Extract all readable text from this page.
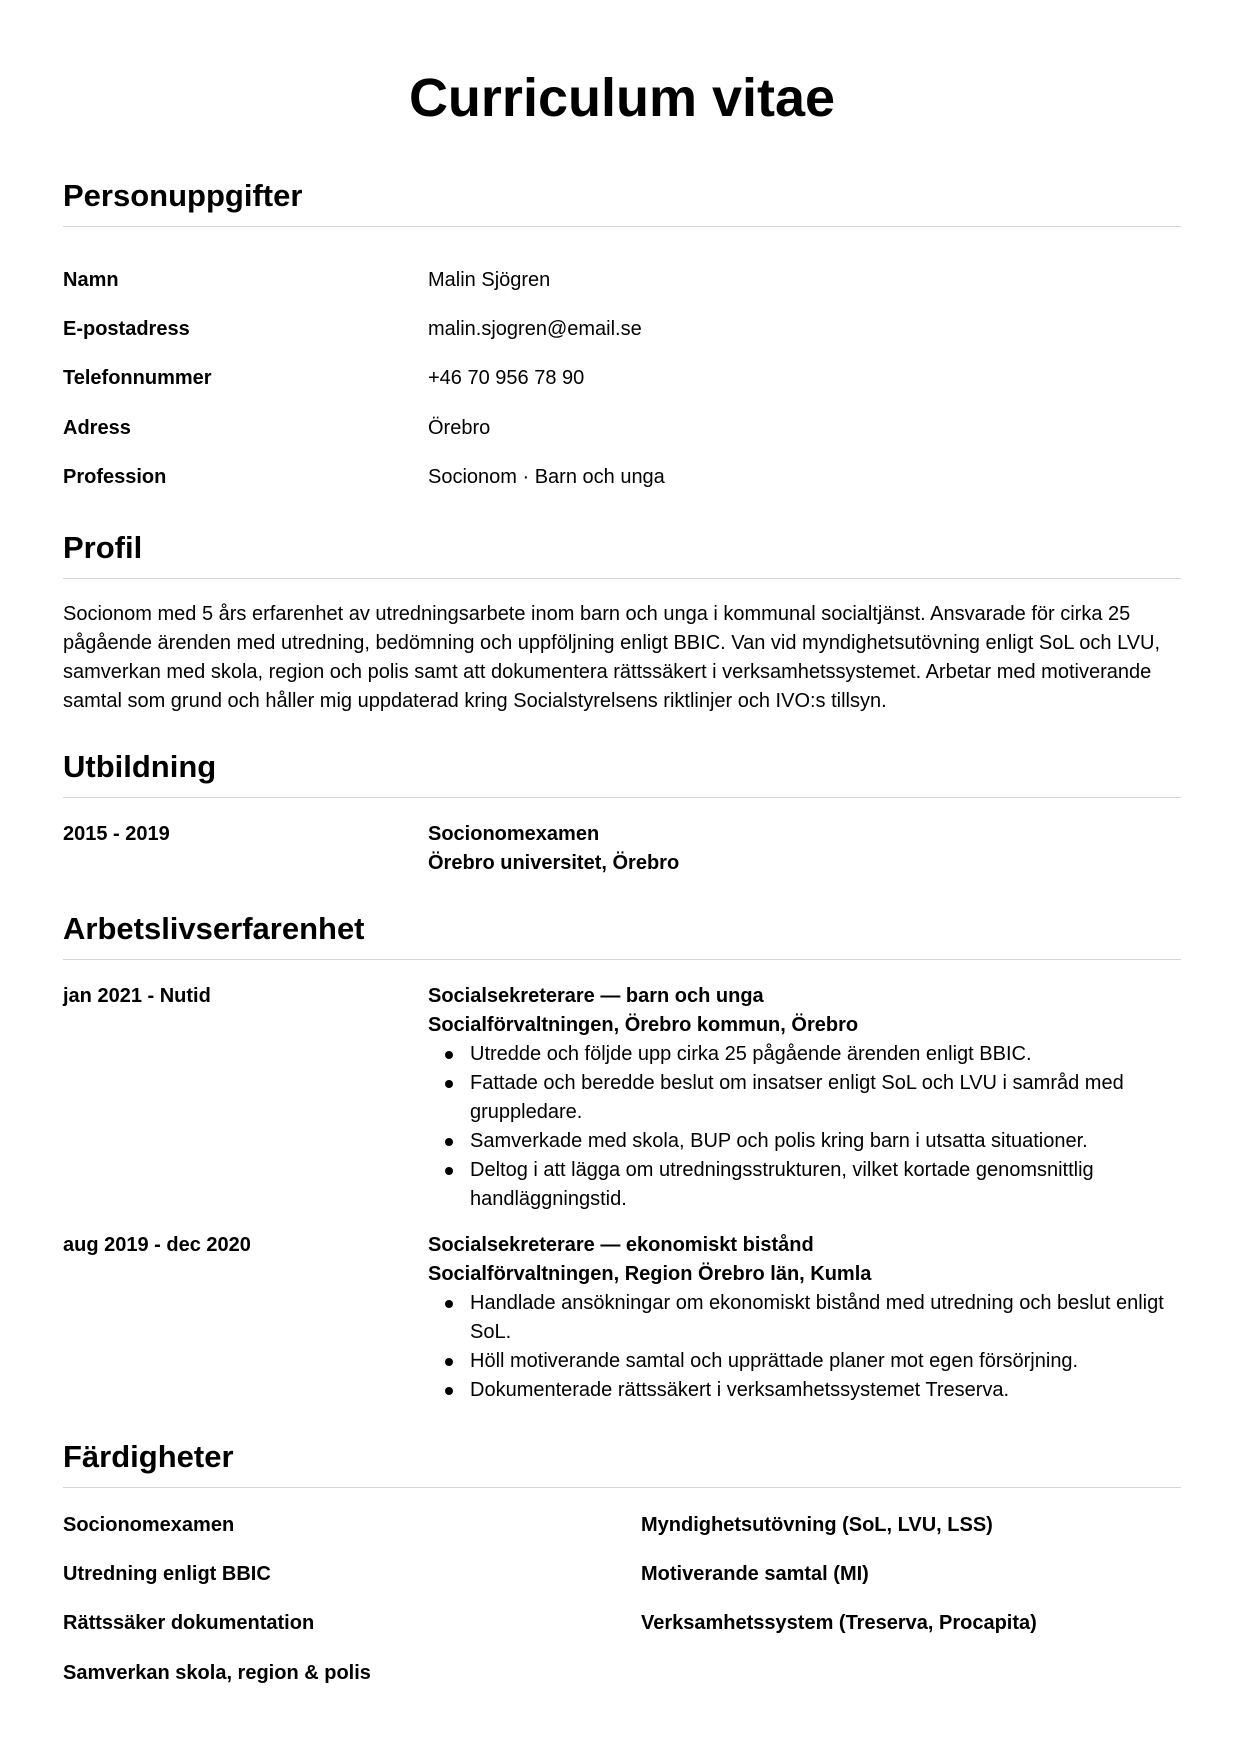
Curriculum vitae
Personuppgifter
Namn	Malin Sjögren
E-postadress	malin.sjogren@email.se
Telefonnummer	+46 70 956 78 90
Adress	Örebro
Profession	Socionom · Barn och unga
Profil

Socionom med 5 års erfarenhet av utredningsarbete inom barn och unga i kommunal socialtjänst. Ansvarade för cirka 25 pågående ärenden med utredning, bedömning och uppföljning enligt BBIC. Van vid myndighetsutövning enligt SoL och LVU, samverkan med skola, region och polis samt att dokumentera rättssäkert i verksamhetssystemet. Arbetar med motiverande samtal som grund och håller mig uppdaterad kring Socialstyrelsens riktlinjer och IVO:s tillsyn.

Utbildning
2015 - 2019	Socionomexamen
Örebro universitet, Örebro
Arbetslivserfarenhet
jan 2021 - Nutid	Socialsekreterare — barn och unga
Socialförvaltningen, Örebro kommun, Örebro
Utredde och följde upp cirka 25 pågående ärenden enligt BBIC.
Fattade och beredde beslut om insatser enligt SoL och LVU i samråd med gruppledare.
Samverkade med skola, BUP och polis kring barn i utsatta situationer.
Deltog i att lägga om utredningsstrukturen, vilket kortade genomsnittlig handläggningstid.
aug 2019 - dec 2020	Socialsekreterare — ekonomiskt bistånd
Socialförvaltningen, Region Örebro län, Kumla
Handlade ansökningar om ekonomiskt bistånd med utredning och beslut enligt SoL.
Höll motiverande samtal och upprättade planer mot egen försörjning.
Dokumenterade rättssäkert i verksamhetssystemet Treserva.
Färdigheter
Socionomexamen	Myndighetsutövning (SoL, LVU, LSS)
Utredning enligt BBIC	Motiverande samtal (MI)
Rättssäker dokumentation	Verksamhetssystem (Treserva, Procapita)
Samverkan skola, region & polis
